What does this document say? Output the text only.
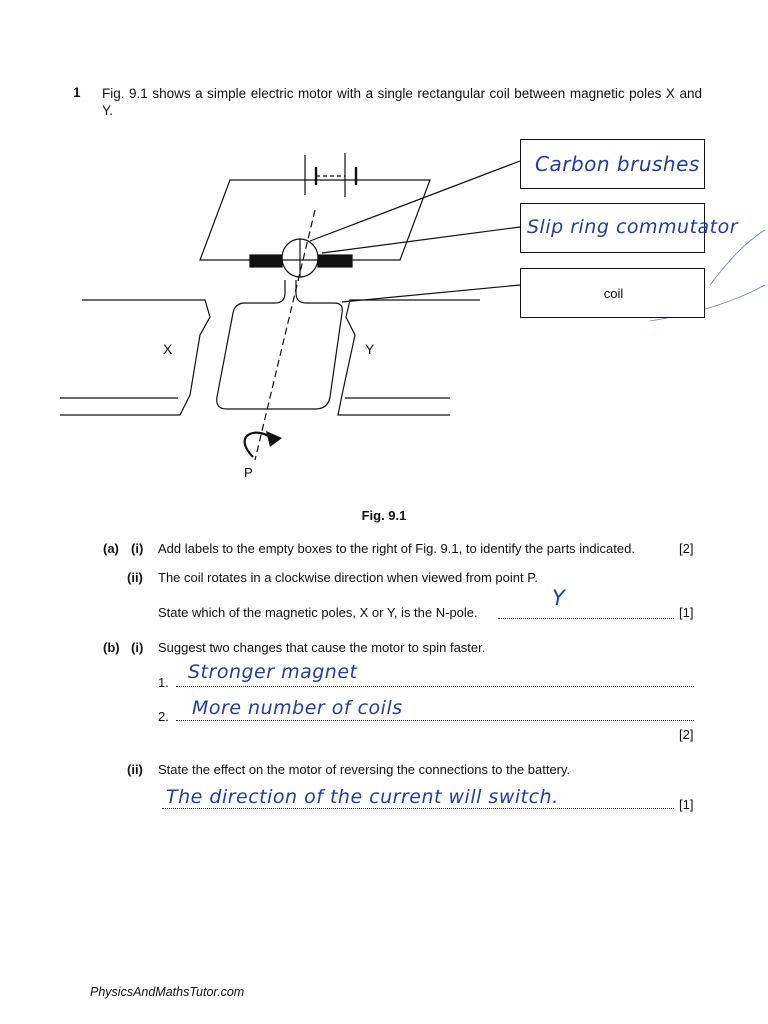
1 Fig. 9.1 shows a simple electric motor with a single rectangular coil between magnetic poles X and Y.
X	Y
P
Carbon brushes
Slip ring commutator
coil
Fig. 9.1
(a) (i) Add labels to the empty boxes to the right of Fig. 9.1, to identify the parts indicated.	[2]
(ii) The coil rotates in a clockwise direction when viewed from point P.
State which of the magnetic poles, X or Y, is the N-pole.
Y
[1]
(b) (i) Suggest two changes that cause the motor to spin faster.
1. Stronger magnet
2. More number of coils
[2]
(ii) State the effect on the motor of reversing the connections to the battery.
The direction of the current will switch.	[1]
PhysicsAndMathsTutor.com
